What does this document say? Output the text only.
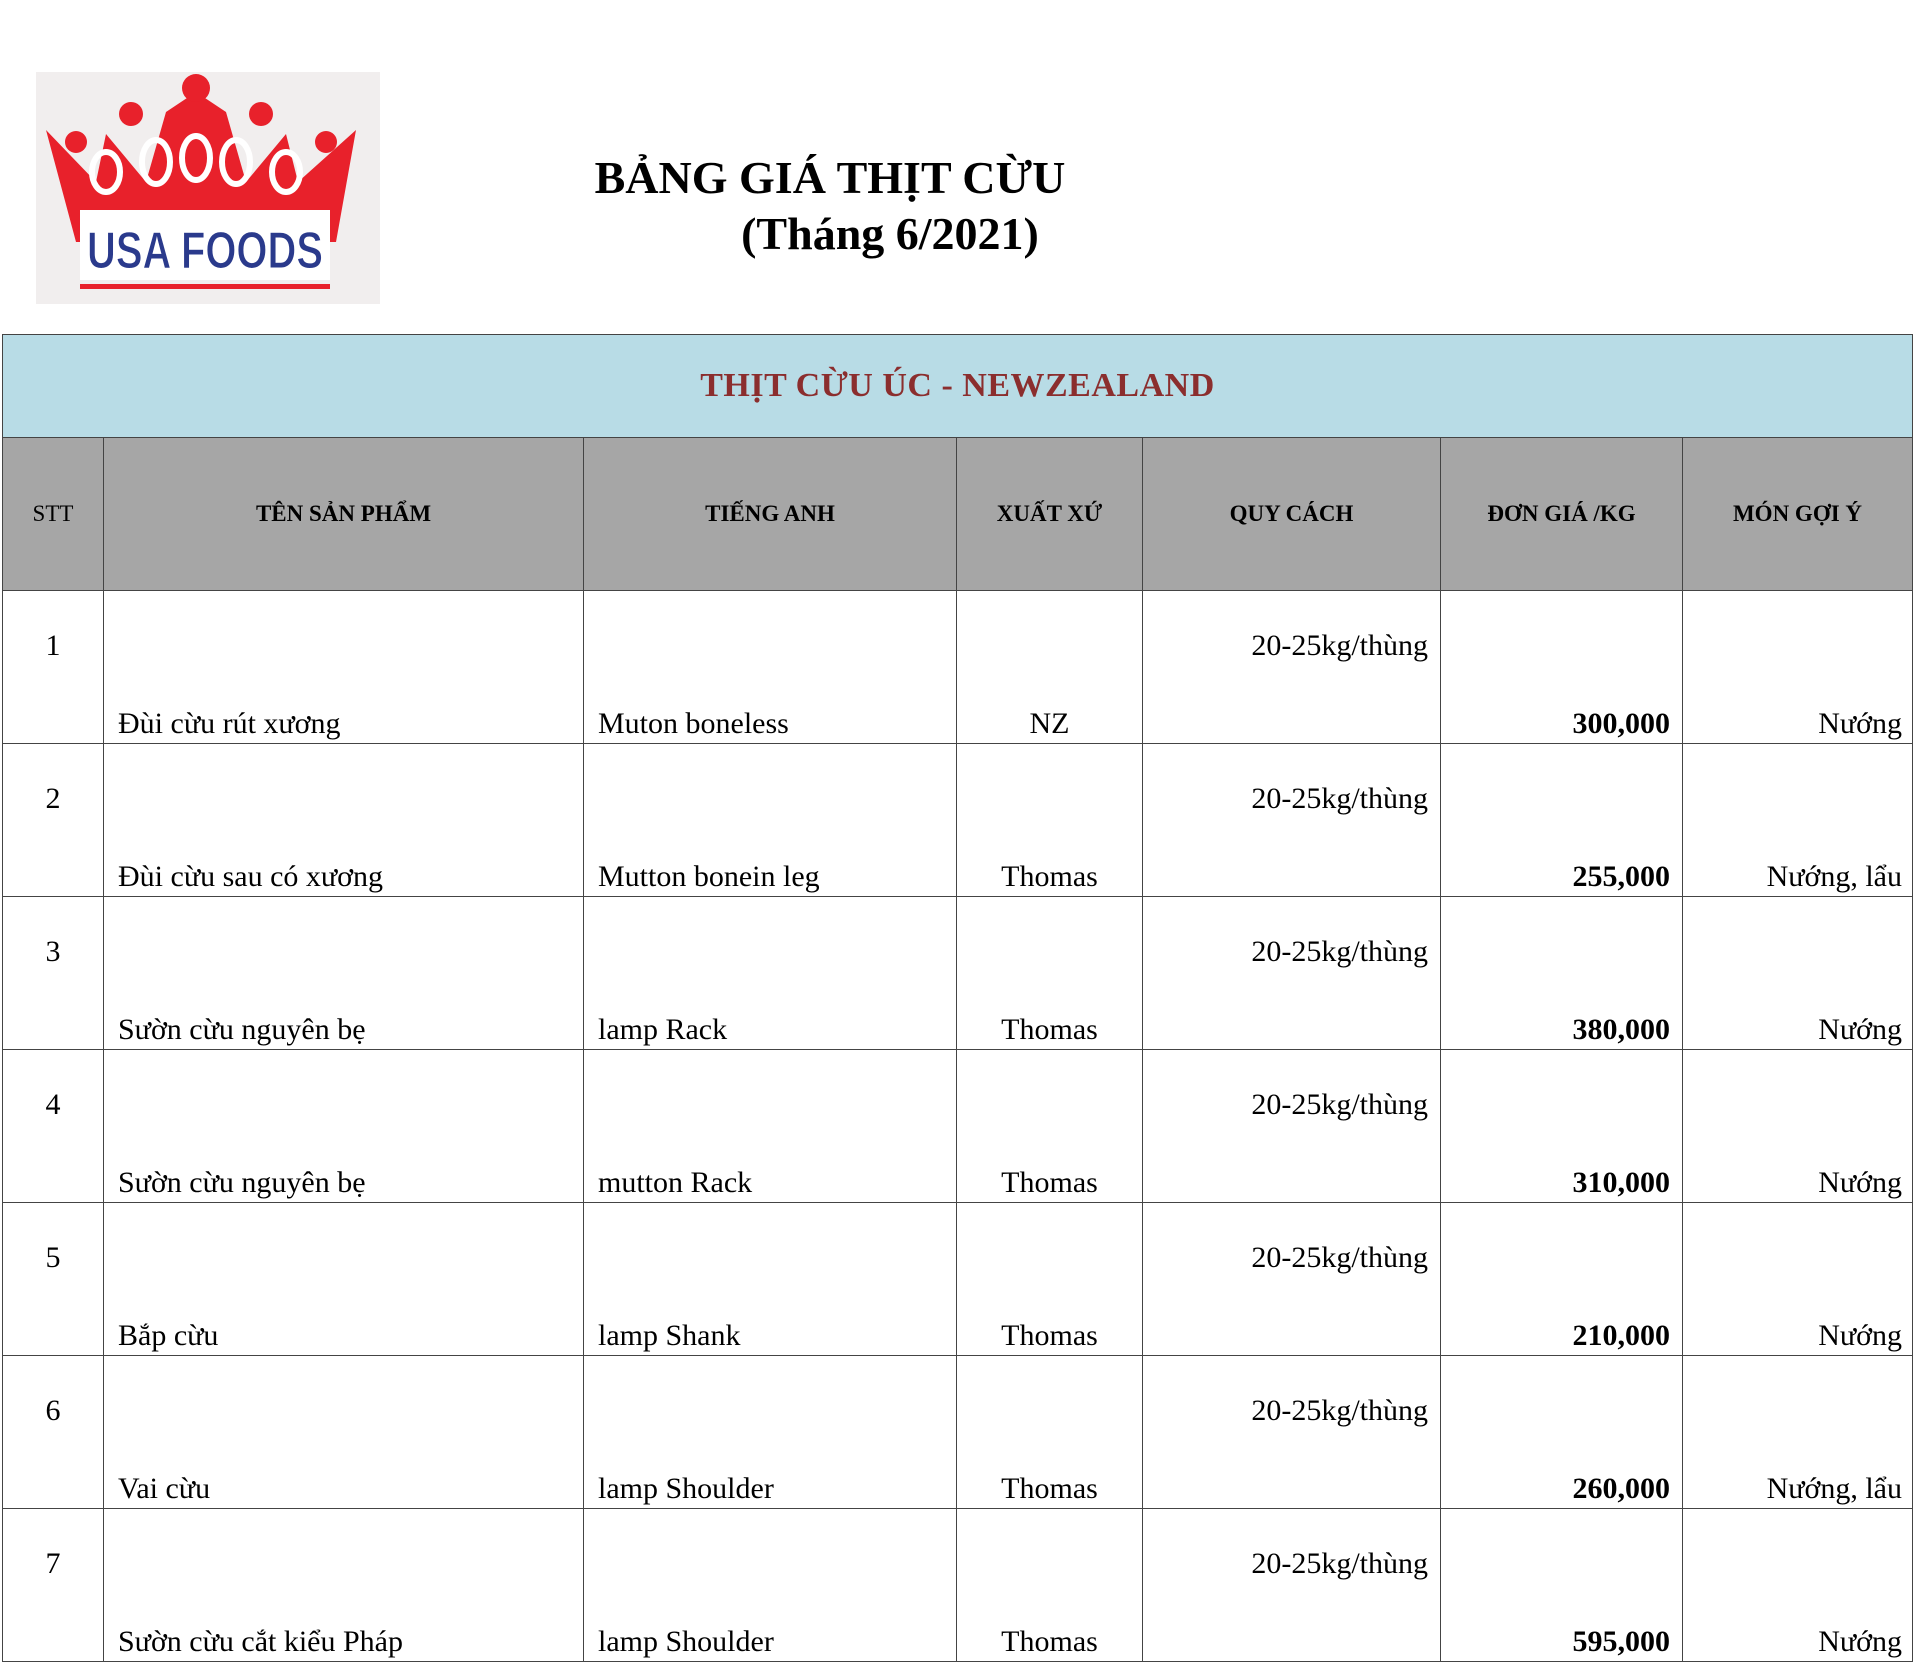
USA FOODS
BẢNG GIÁ THỊT CỪU
(Tháng 6/2021)
THỊT CỪU ÚC - NEWZEALAND						
STT	TÊN SẢN PHẨM	TIẾNG ANH	XUẤT XỨ	QUY CÁCH	ĐƠN GIÁ /KG	MÓN GỢI Ý
1	Đùi cừu rút xương	Muton boneless	NZ	20-25kg/thùng	300,000	Nướng

2	Đùi cừu sau có xương	Mutton bonein leg	Thomas	20-25kg/thùng	255,000	Nướng, lẩu

3	Sườn cừu nguyên bẹ	lamp Rack	Thomas	20-25kg/thùng	380,000	Nướng

4	Sườn cừu nguyên bẹ	mutton Rack	Thomas	20-25kg/thùng	310,000	Nướng

5	Bắp cừu	lamp Shank	Thomas	20-25kg/thùng	210,000	Nướng

6	Vai cừu	lamp Shoulder	Thomas	20-25kg/thùng	260,000	Nướng, lẩu

7	Sườn cừu cắt kiểu Pháp	lamp Shoulder	Thomas	20-25kg/thùng	595,000	Nướng
